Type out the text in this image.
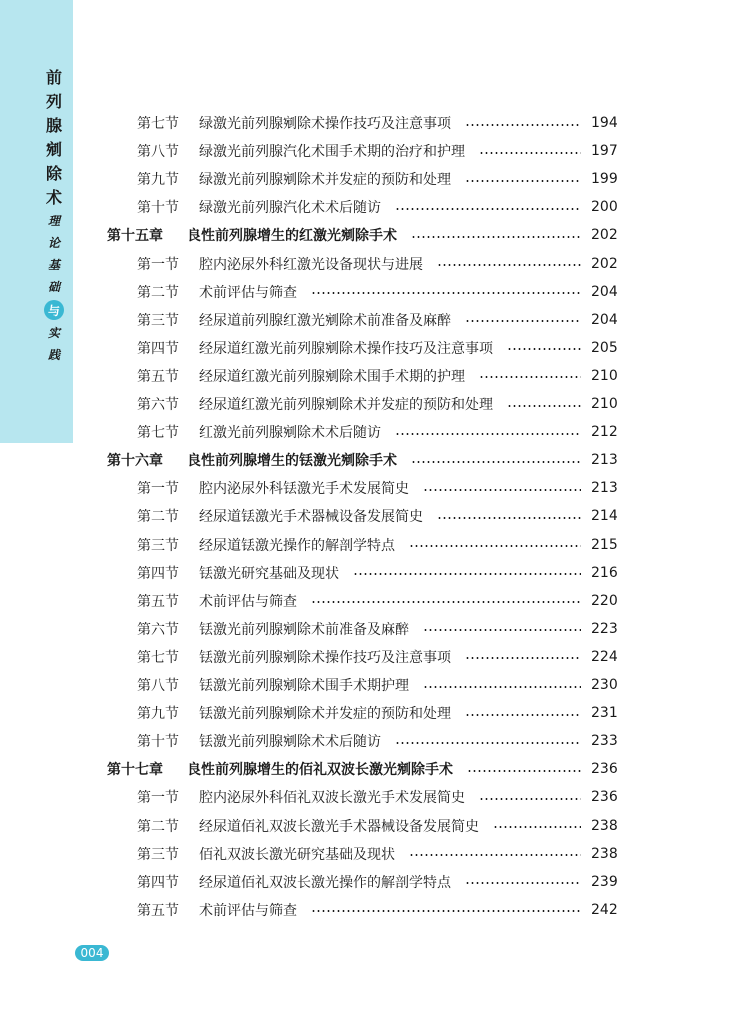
前
列
腺
剜
除
术
理
论
基
础
与
实
践
第七节	绿激光前列腺剜除术操作技巧及注意事项	194
第八节	绿激光前列腺汽化术围手术期的治疗和护理	197
第九节	绿激光前列腺剜除术并发症的预防和处理	199
第十节	绿激光前列腺汽化术术后随访	200
第十五章	良性前列腺增生的红激光剜除手术	202
第一节	腔内泌尿外科红激光设备现状与进展	202
第二节	术前评估与筛查	204
第三节	经尿道前列腺红激光剜除术前准备及麻醉	204
第四节	经尿道红激光前列腺剜除术操作技巧及注意事项	205
第五节	经尿道红激光前列腺剜除术围手术期的护理	210
第六节	经尿道红激光前列腺剜除术并发症的预防和处理	210
第七节	红激光前列腺剜除术术后随访	212
第十六章	良性前列腺增生的铥激光剜除手术	213
第一节	腔内泌尿外科铥激光手术发展简史	213
第二节	经尿道铥激光手术器械设备发展简史	214
第三节	经尿道铥激光操作的解剖学特点	215
第四节	铥激光研究基础及现状	216
第五节	术前评估与筛查	220
第六节	铥激光前列腺剜除术前准备及麻醉	223
第七节	铥激光前列腺剜除术操作技巧及注意事项	224
第八节	铥激光前列腺剜除术围手术期护理	230
第九节	铥激光前列腺剜除术并发症的预防和处理	231
第十节	铥激光前列腺剜除术术后随访	233
第十七章	良性前列腺增生的佰礼双波长激光剜除手术	236
第一节	腔内泌尿外科佰礼双波长激光手术发展简史	236
第二节	经尿道佰礼双波长激光手术器械设备发展简史	238
第三节	佰礼双波长激光研究基础及现状	238
第四节	经尿道佰礼双波长激光操作的解剖学特点	239
第五节	术前评估与筛查	242
004
